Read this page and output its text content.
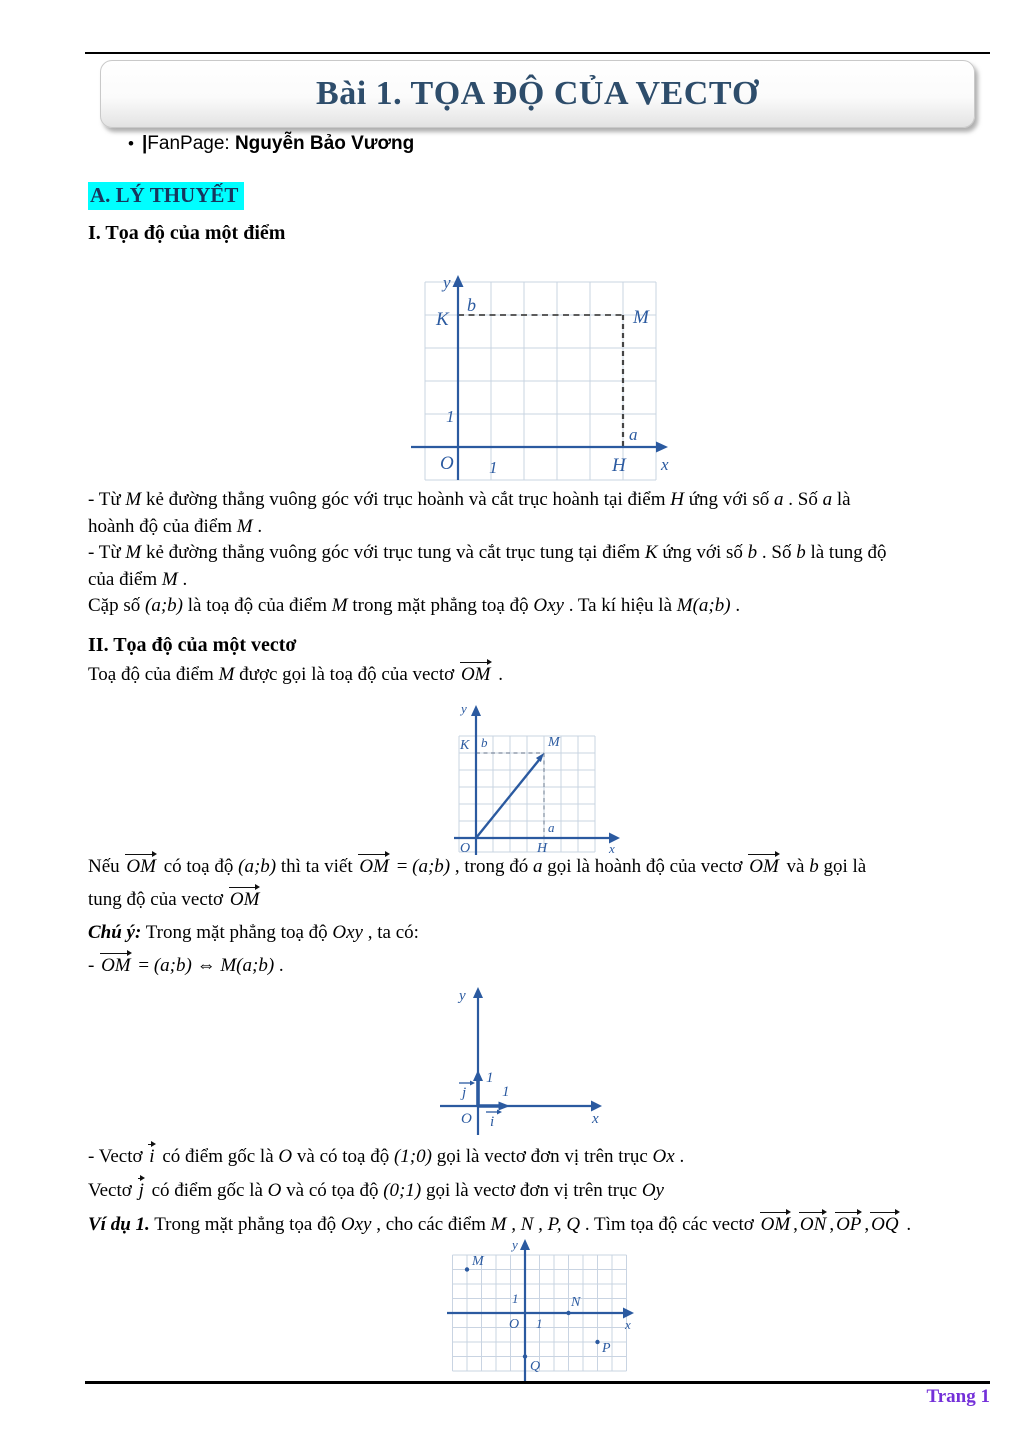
Bài 1. TỌA ĐỘ CỦA VECTƠ
• |FanPage: Nguyễn Bảo Vương
A. LÝ THUYẾT
I. Tọa độ của một điểm
y
K
b
M
1
O 1	H
a
x
- Từ M kẻ đường thẳng vuông góc với trục hoành và cắt trục hoành tại điểm H ứng với số a . Số a là
hoành độ của điểm M .
- Từ M kẻ đường thẳng vuông góc với trục tung và cắt trục tung tại điểm K ứng với số b . Số b là tung độ
của điểm M .
Cặp số (a;b) là toạ độ của điểm M trong mặt phẳng toạ độ Oxy . Ta kí hiệu là M(a;b) .
II. Tọa độ của một vectơ
Toạ độ của điểm M được gọi là toạ độ của vectơ OM .
y
K b	M
a
O	H	x
Nếu OM có toạ độ (a;b) thì ta viết OM = (a;b) , trong đó a gọi là hoành độ của vectơ OM và b gọi là
tung độ của vectơ OM
Chú ý: Trong mặt phẳng toạ độ Oxy , ta có:
- OM = (a;b) ⇔ M(a;b) .
y
1
j 1
i
O	x
- Vectơ i có điểm gốc là O và có toạ độ (1;0) gọi là vectơ đơn vị trên trục Ox .
Vectơ j có điểm gốc là O và có tọa độ (0;1) gọi là vectơ đơn vị trên trục Oy
Ví dụ 1. Trong mặt phẳng tọa độ Oxy , cho các điểm M , N , P, Q . Tìm tọa độ các vectơ OM , ON , OP , OQ .
y
M
1
O 1
N
x
P
Q
Trang 1
